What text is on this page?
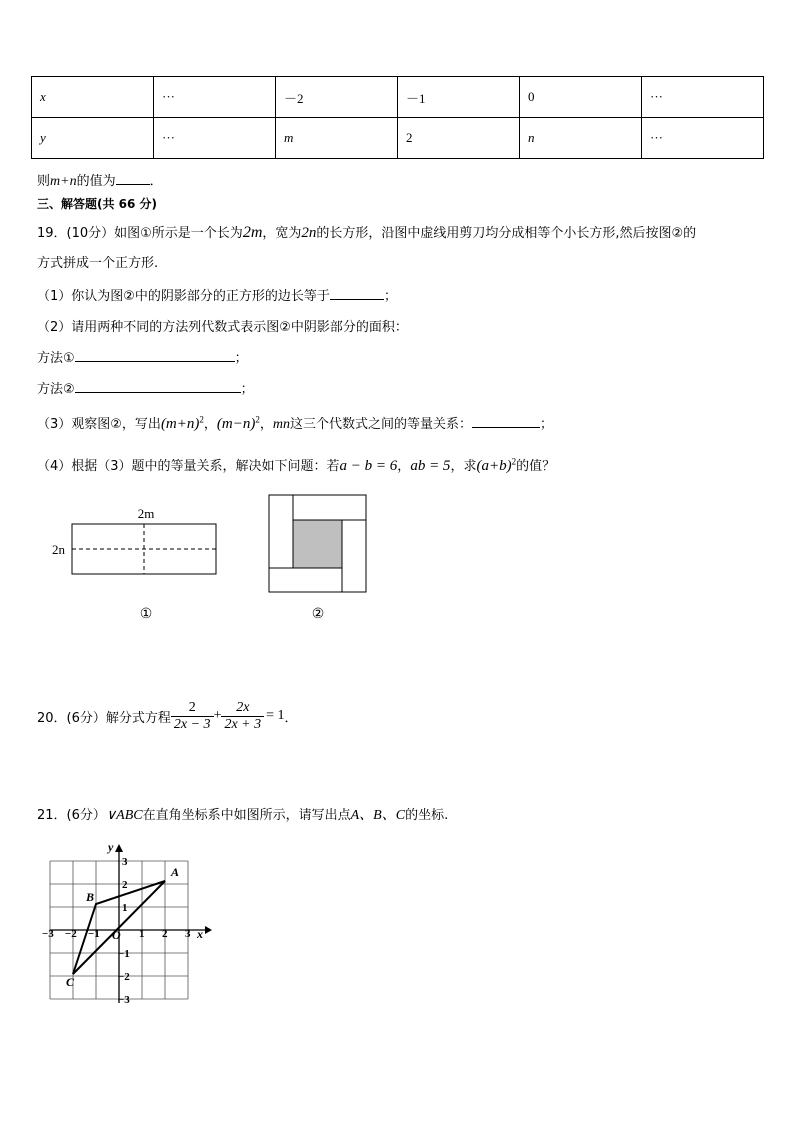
x	···	－2	－1	0	···
y	···	m	2	n	···
则m+n的值为	．
三、解答题(共 66 分)
19．(10分）如图①所示是一个长为2m，宽为2n的长方形，沿图中虚线用剪刀均分成相等个小长方形,然后按图②的
方式拼成一个正方形.
（1）你认为图②中的阴影部分的正方形的边长等于	；
（2）请用两种不同的方法列代数式表示图②中阴影部分的面积：
方法①	；
方法②	；
（3）观察图②，写出$(m+n)^2$，$(m-n)^2$，mn这三个代数式之间的等量关系：	；
（4）根据（3）题中的等量关系，解决如下问题：若a − b = 6，ab = 5，求$(a+b)^2$的值？
2m
2n
①	②
20．(6分）解分式方程 $\frac{2}{2x - 3} + \frac{2x}{2x + 3} = 1$ ．
21．(6分）∨ABC在直角坐标系中如图所示，请写出点A、B、C的坐标.
−3 −2 −1	1 2 3
3
2
1
−1
−2
−3
x
y
O
A
B
C
